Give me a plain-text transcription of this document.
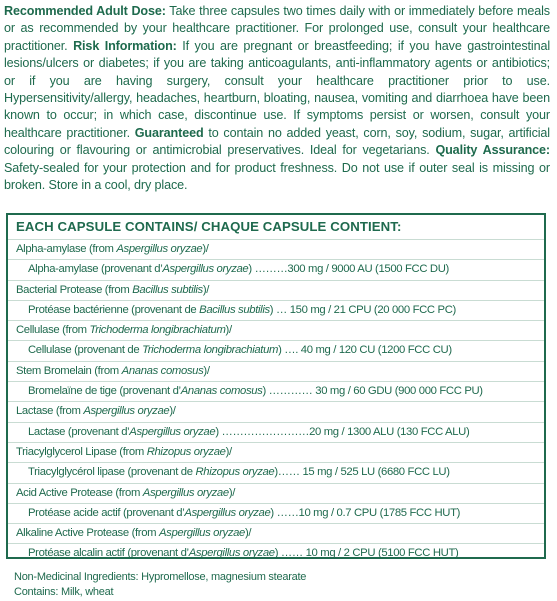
Recommended Adult Dose: Take three capsules two times daily with or immediately before meals or as recommended by your healthcare practitioner. For prolonged use, consult your healthcare practitioner. Risk Information: If you are pregnant or breastfeeding; if you have gastrointestinal lesions/ulcers or diabetes; if you are taking anticoagulants, anti-inflammatory agents or antibiotics; or if you are having surgery, consult your healthcare practitioner prior to use. Hypersensitivity/allergy, headaches, heartburn, bloating, nausea, vomiting and diarrhoea have been known to occur; in which case, discontinue use. If symptoms persist or worsen, consult your healthcare practitioner. Guaranteed to contain no added yeast, corn, soy, sodium, sugar, artificial colouring or flavouring or antimicrobial preservatives. Ideal for vegetarians. Quality Assurance: Safety-sealed for your protection and for product freshness. Do not use if outer seal is missing or broken. Store in a cool, dry place.
EACH CAPSULE CONTAINS/ CHAQUE CAPSULE CONTIENT:
Alpha-amylase (from Aspergillus oryzae)/
Alpha-amylase (provenant d’Aspergillus oryzae) ………300 mg / 9000 AU (1500 FCC DU)
Bacterial Protease (from Bacillus subtilis)/
Protéase bactérienne (provenant de Bacillus subtilis) … 150 mg / 21 CPU (20 000 FCC PC)
Cellulase (from Trichoderma longibrachiatum)/
Cellulase (provenant de Trichoderma longibrachiatum) …. 40 mg / 120 CU (1200 FCC CU)
Stem Bromelain (from Ananas comosus)/
Bromelaïne de tige (provenant d’Ananas comosus) ………… 30 mg / 60 GDU (900 000 FCC PU)
Lactase (from Aspergillus oryzae)/
Lactase (provenant d’Aspergillus oryzae) ……………………20 mg / 1300 ALU (130 FCC ALU)
Triacylglycerol Lipase (from Rhizopus oryzae)/
Triacylglycérol lipase (provenant de Rhizopus oryzae)…… 15 mg / 525 LU (6680 FCC LU)
Acid Active Protease (from Aspergillus oryzae)/
Protéase acide actif (provenant d’Aspergillus oryzae) ……10 mg / 0.7 CPU (1785 FCC HUT)
Alkaline Active Protease (from Aspergillus oryzae)/
Protéase alcalin actif (provenant d’Aspergillus oryzae) …… 10 mg / 2 CPU (5100 FCC HUT)
Non-Medicinal Ingredients: Hypromellose, magnesium stearate
Contains: Milk, wheat
